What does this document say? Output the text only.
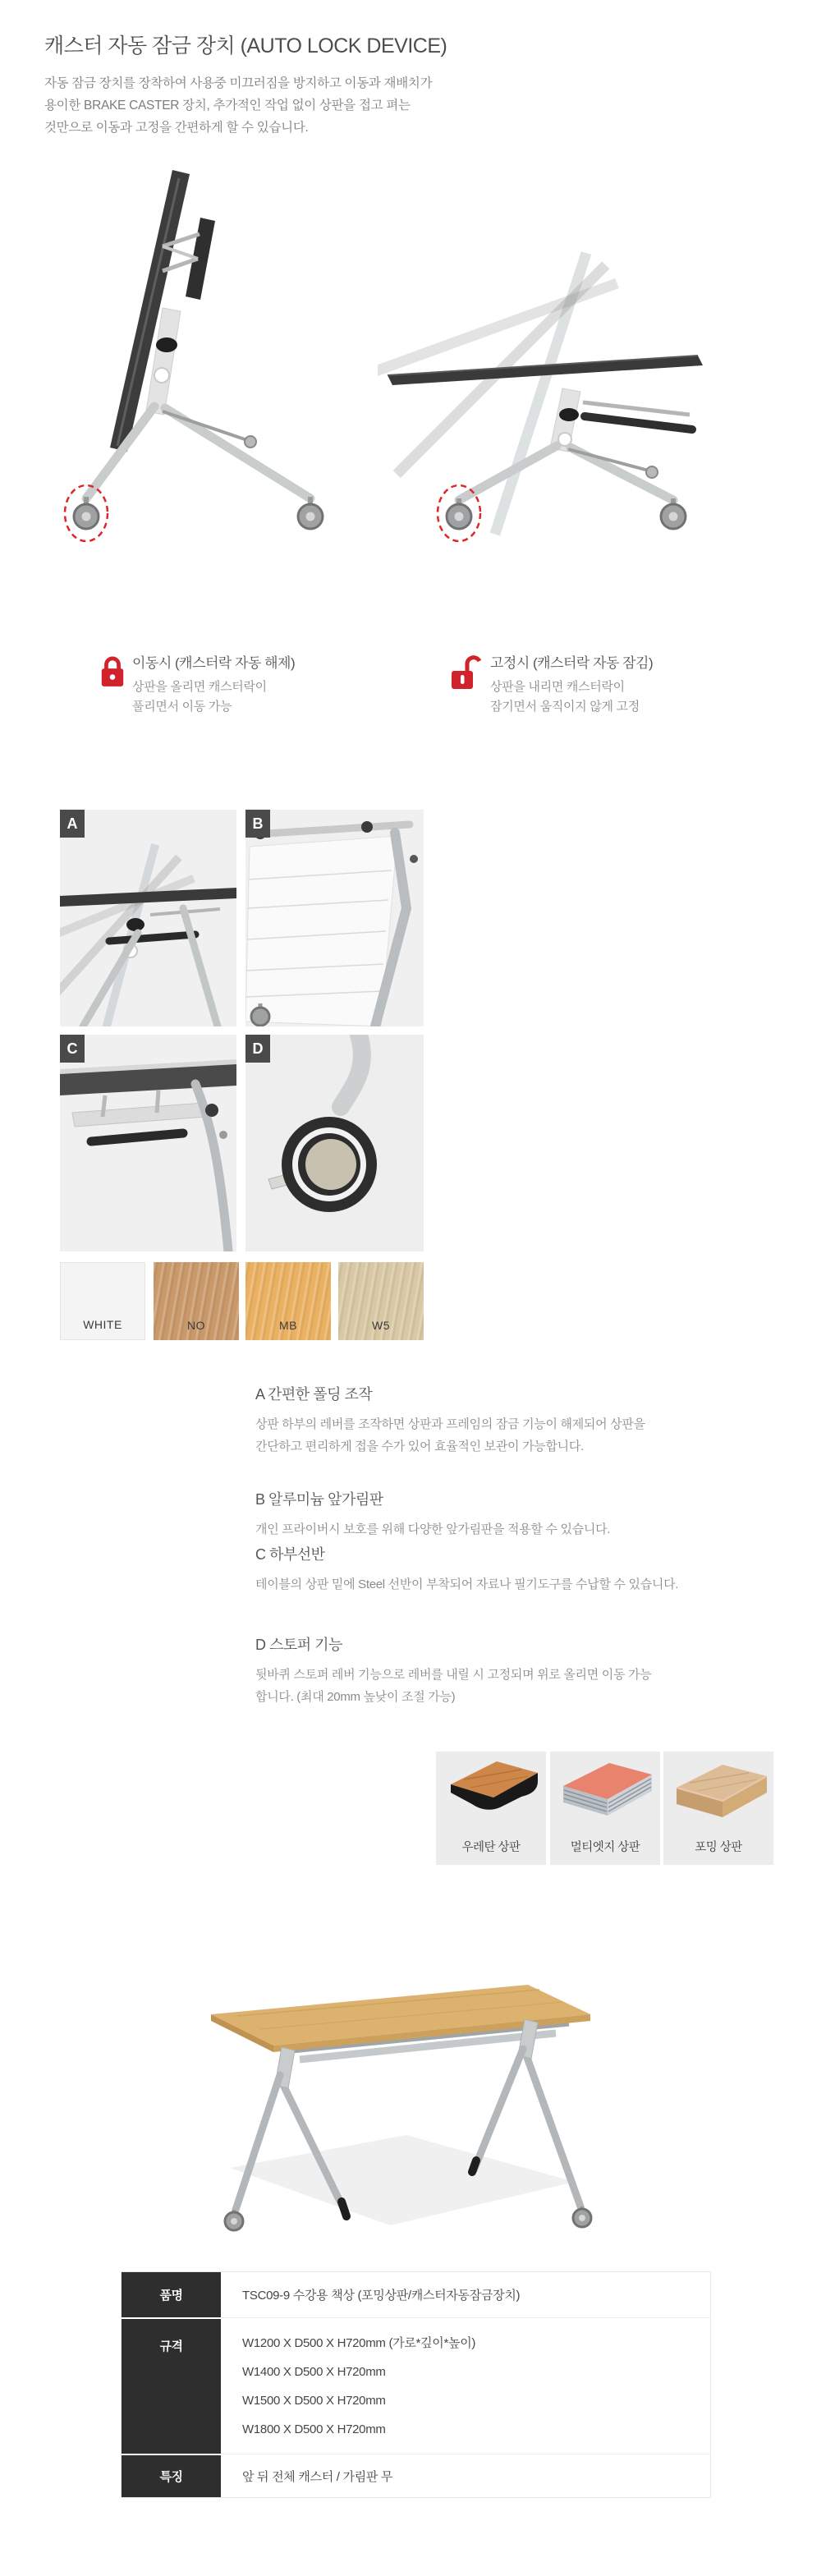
캐스터 자동 잠금 장치 (AUTO LOCK DEVICE)
자동 잠금 장치를 장착하여 사용중 미끄러짐을 방지하고 이동과 재배치가
용이한 BRAKE CASTER 장치, 추가적인 작업 없이 상판을 접고 펴는
것만으로 이동과 고정을 간편하게 할 수 있습니다.
이동시 (캐스터락 자동 해제)
상판을 올리면 캐스터락이
풀리면서 이동 가능
고정시 (캐스터락 자동 잠김)
상판을 내리면 캐스터락이
잠기면서 움직이지 않게 고정
A	B
C	D
WHITE	NO	MB	W5
A 간편한 폴딩 조작
상판 하부의 레버를 조작하면 상판과 프레임의 잠금 기능이 해제되어 상판을
간단하고 편리하게 접을 수가 있어 효율적인 보관이 가능합니다.
B 알루미늄 앞가림판
개인 프라이버시 보호를 위해 다양한 앞가림판을 적용할 수 있습니다.
C 하부선반
테이블의 상판 밑에 Steel 선반이 부착되어 자료나 필기도구를 수납할 수 있습니다.
D 스토퍼 기능
뒷바퀴 스토퍼 레버 기능으로 레버를 내릴 시 고정되며 위로 올리면 이동 가능
합니다. (최대 20mm 높낮이 조절 가능)
우레탄 상판	멀티엣지 상판	포밍 상판
품명	TSC09-9 수강용 책상 (포밍상판/캐스터자동잠금장치)
규격	W1200 X D500 X H720mm (가로*깊이*높이)
W1400 X D500 X H720mm
W1500 X D500 X H720mm
W1800 X D500 X H720mm
특징	앞 뒤 전체 캐스터 / 가림판 무
